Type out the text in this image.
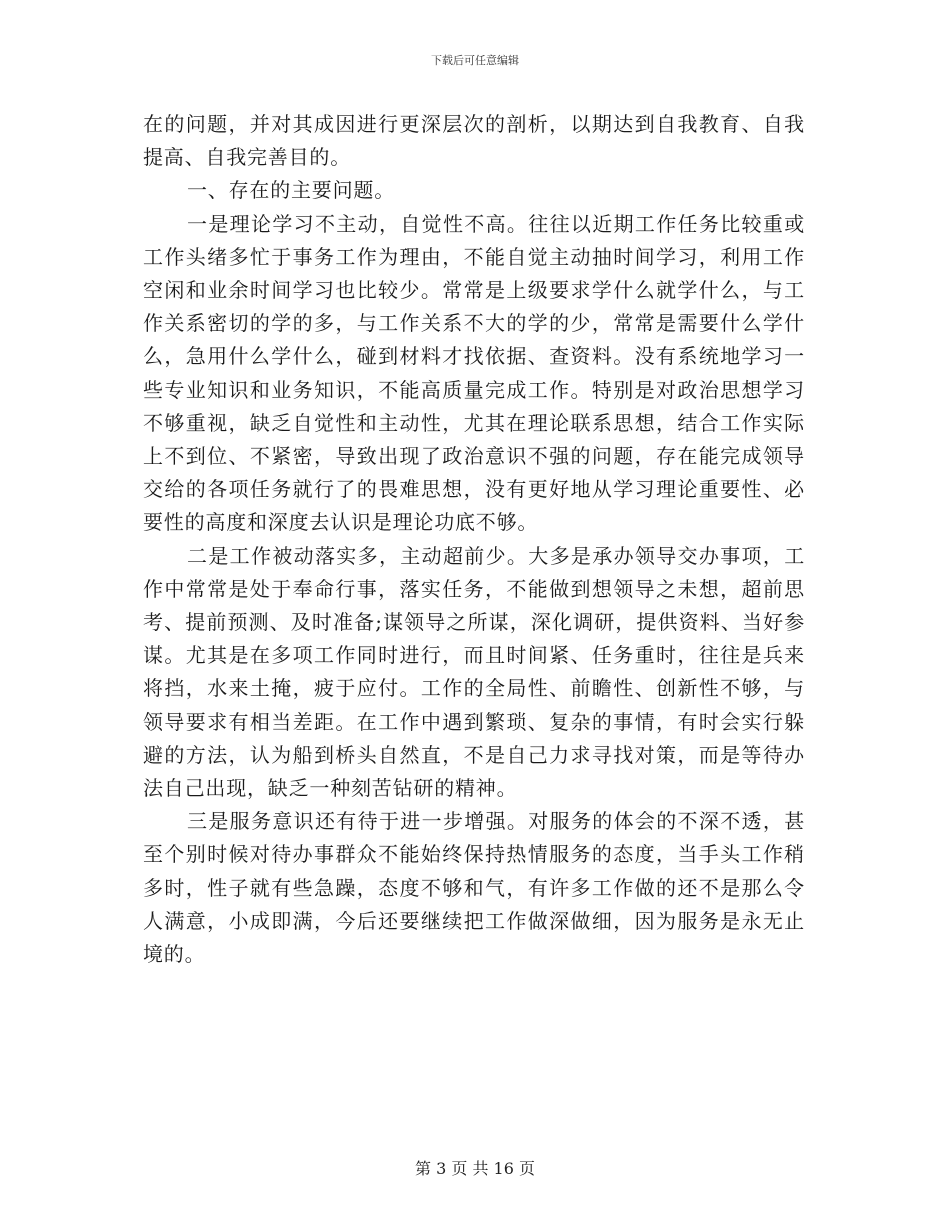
下载后可任意编辑

在的问题，并对其成因进行更深层次的剖析，以期达到自我教育、自我提高、自我完善目的。

一、存在的主要问题。

一是理论学习不主动，自觉性不高。往往以近期工作任务比较重或工作头绪多忙于事务工作为理由，不能自觉主动抽时间学习，利用工作空闲和业余时间学习也比较少。常常是上级要求学什么就学什么，与工作关系密切的学的多，与工作关系不大的学的少，常常是需要什么学什么，急用什么学什么，碰到材料才找依据、查资料。没有系统地学习一些专业知识和业务知识，不能高质量完成工作。特别是对政治思想学习不够重视，缺乏自觉性和主动性，尤其在理论联系思想，结合工作实际上不到位、不紧密，导致出现了政治意识不强的问题，存在能完成领导交给的各项任务就行了的畏难思想，没有更好地从学习理论重要性、必要性的高度和深度去认识是理论功底不够。

二是工作被动落实多，主动超前少。大多是承办领导交办事项，工作中常常是处于奉命行事，落实任务，不能做到想领导之未想，超前思考、提前预测、及时准备;谋领导之所谋，深化调研，提供资料、当好参谋。尤其是在多项工作同时进行，而且时间紧、任务重时，往往是兵来将挡，水来土掩，疲于应付。工作的全局性、前瞻性、创新性不够，与领导要求有相当差距。在工作中遇到繁琐、复杂的事情，有时会实行躲避的方法，认为船到桥头自然直，不是自己力求寻找对策，而是等待办法自己出现，缺乏一种刻苦钻研的精神。

三是服务意识还有待于进一步增强。对服务的体会的不深不透，甚至个别时候对待办事群众不能始终保持热情服务的态度，当手头工作稍多时，性子就有些急躁，态度不够和气，有许多工作做的还不是那么令人满意，小成即满，今后还要继续把工作做深做细，因为服务是永无止境的。

第 3 页 共 16 页
